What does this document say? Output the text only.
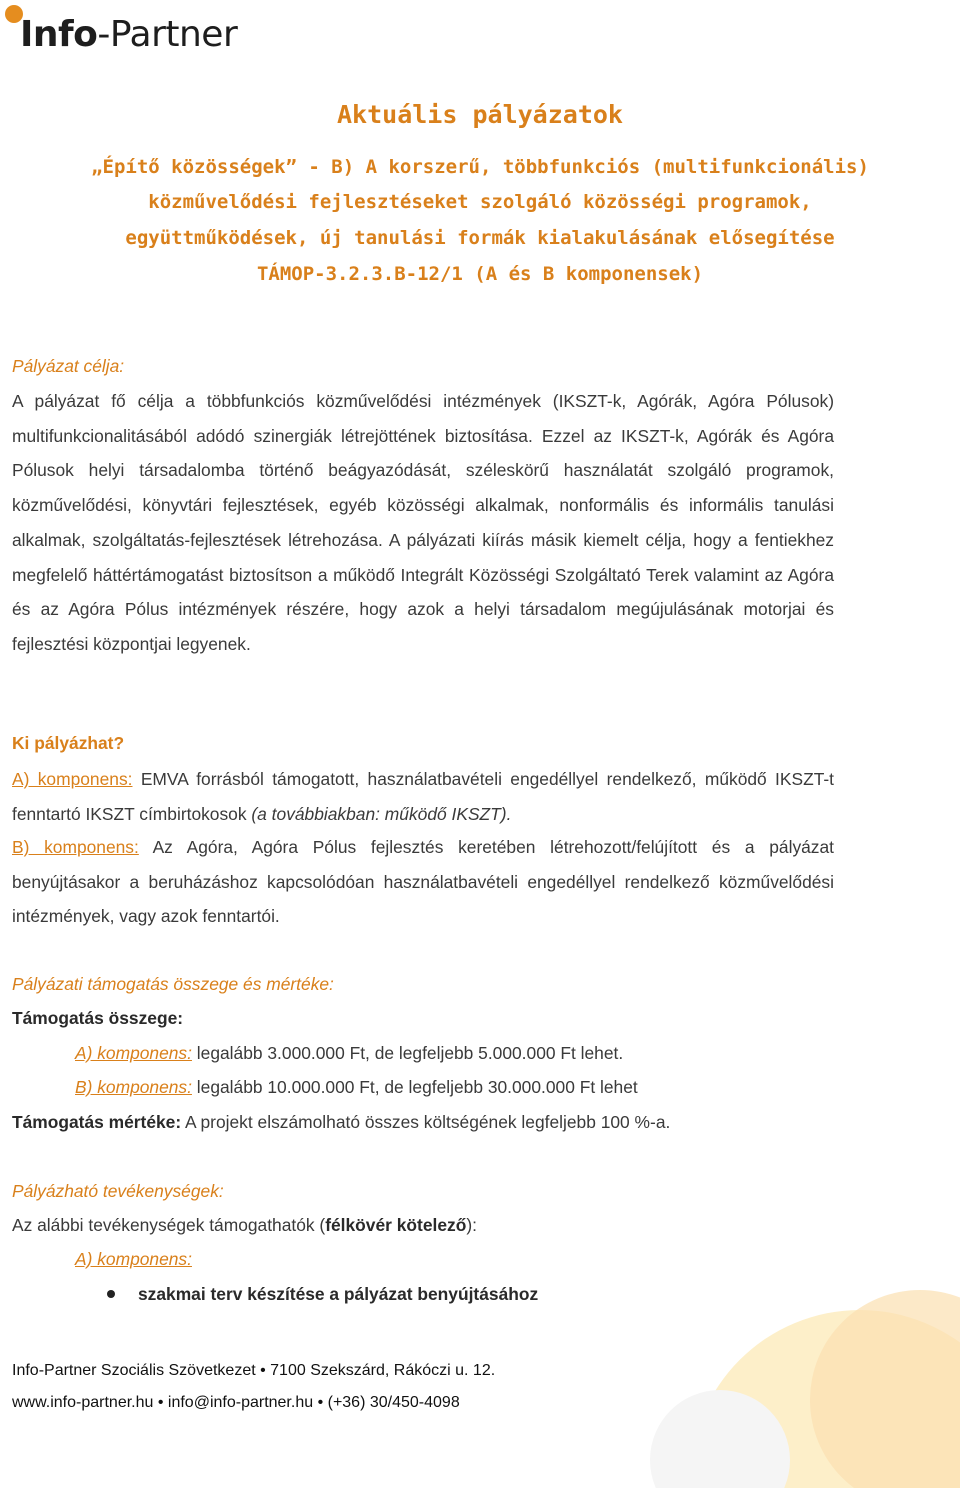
Info-Partner
Aktuális pályázatok
„Építő közösségek” - B) A korszerű, többfunkciós (multifunkcionális)
közművelődési fejlesztéseket szolgáló közösségi programok,
együttműködések, új tanulási formák kialakulásának elősegítése
TÁMOP-3.2.3.B-12/1 (A és B komponensek)
Pályázat célja:
A pályázat fő célja a többfunkciós közművelődési intézmények (IKSZT-k, Agórák, Agóra Pólusok) multifunkcionalitásából adódó szinergiák létrejöttének biztosítása. Ezzel az IKSZT-k, Agórák és Agóra Pólusok helyi társadalomba történő beágyazódását, széleskörű használatát szolgáló programok, közművelődési, könyvtári fejlesztések, egyéb közösségi alkalmak, nonformális és informális tanulási alkalmak, szolgáltatás-fejlesztések létrehozása. A pályázati kiírás másik kiemelt célja, hogy a fentiekhez megfelelő háttértámogatást biztosítson a működő Integrált Közösségi Szolgáltató Terek valamint az Agóra és az Agóra Pólus intézmények részére, hogy azok a helyi társadalom megújulásának motorjai és fejlesztési központjai legyenek.
Ki pályázhat?
A) komponens: EMVA forrásból támogatott, használatbavételi engedéllyel rendelkező, működő IKSZT-t fenntartó IKSZT címbirtokosok (a továbbiakban: működő IKSZT).
B) komponens: Az Agóra, Agóra Pólus fejlesztés keretében létrehozott/felújított és a pályázat benyújtásakor a beruházáshoz kapcsolódóan használatbavételi engedéllyel rendelkező közművelődési intézmények, vagy azok fenntartói.
Pályázati támogatás összege és mértéke:
Támogatás összege:
A) komponens: legalább 3.000.000 Ft, de legfeljebb 5.000.000 Ft lehet.
B) komponens: legalább 10.000.000 Ft, de legfeljebb 30.000.000 Ft lehet
Támogatás mértéke: A projekt elszámolható összes költségének legfeljebb 100 %-a.
Pályázható tevékenységek:
Az alábbi tevékenységek támogathatók (félkövér kötelező):
A) komponens:
szakmai terv készítése a pályázat benyújtásához
Info-Partner Szociális Szövetkezet • 7100 Szekszárd, Rákóczi u. 12.
www.info-partner.hu • info@info-partner.hu • (+36) 30/450-4098
